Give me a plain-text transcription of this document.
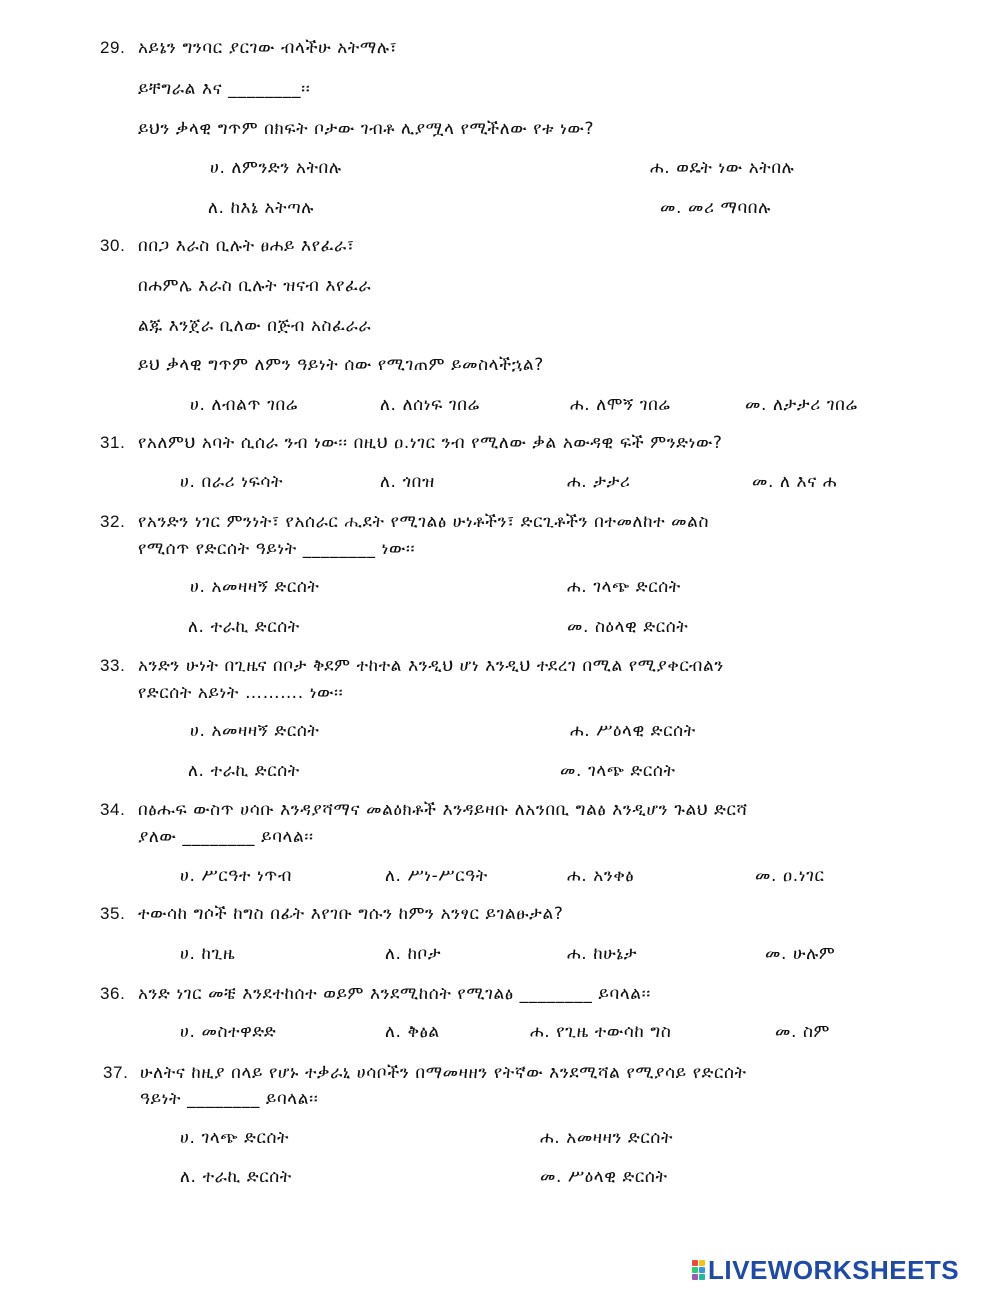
29. አይኔን ግንባር ያርገው ብላችሁ አትማሉ፣
ይቸግራል እና ________፡፡
ይህን ቃላዊ ግጥም በክፍት ቦታው ገብቶ ሊያሟላ የሚችለው የቱ ነው?
ሀ. ለምንድን አትበሉ	ሐ. ወዴት ነው አትበሉ
ለ. ከእኔ አትጣሉ	መ. መሪ ማባበሉ
30. በበጋ እራስ ቢሉት ፀሐይ እየፈራ፣
በሐምሌ እራስ ቢሉት ዝናብ እየፈራ
ልጁ እንጀራ ቢለው በጅብ አስፈራራ
ይህ ቃላዊ ግጥም ለምን ዓይነት ሰው የሚገጠም ይመስላችኋል?
ሀ. ለብልጥ ገበሬ	ለ. ለሰነፍ ገበሬ	ሐ. ለሞኝ ገበሬ	መ. ለታታሪ ገበሬ
31. የአለምህ አባት ሲሰራ ንብ ነው፡፡ በዚህ ዐ.ነገር ንብ የሚለው ቃል አውዳዊ ፍች ምንድነው?
ሀ. በራሪ ነፍሳት	ለ. ጎበዝ	ሐ. ታታሪ	መ. ለ እና ሐ
32. የአንድን ነገር ምንነት፣ የአሰራር ሒደት የሚገልፅ ሁነቶችን፣ ድርጊቶችን በተመለከተ መልስ
የሚሰጥ የድርሰት ዓይነት ________ ነው፡፡
ሀ. አመዛዛኝ ድርሰት	ሐ. ገላጭ ድርሰት
ለ. ተራኪ ድርሰት	መ. ስዕላዊ ድርሰት
33. አንድን ሁነት በጊዜና በቦታ ቅደም ተከተል እንዲህ ሆነ እንዲህ ተደረገ በሚል የሚያቀርብልን
የድርሰት አይነት ………. ነው፡፡
ሀ. አመዛዛኝ ድርሰት	ሐ. ሥዕላዊ ድርሰት
ለ. ተራኪ ድርሰት	መ. ገላጭ ድርሰት
34. በፅሑፍ ውስጥ ሀሳቡ እንዳያሻማና መልዕክቶች እንዳይዛቡ ለአንበቢ ግልፅ እንዲሆን ጉልህ ድርሻ
ያለው ________ ይባላል፡፡
ሀ. ሥርዓተ ነጥብ	ለ. ሥነ-ሥርዓት	ሐ. አንቀፅ	መ. ዐ.ነገር
35. ተውሳከ ግሶች ከግስ በፊት እየገቡ ግሱን ከምን አንፃር ይገልፁታል?
ሀ. ከጊዜ	ለ. ከቦታ	ሐ. ከሁኔታ	መ. ሁሉም
36. አንድ ነገር መቼ እንደተከሰተ ወይም እንደሚከሰት የሚገልፅ ________ ይባላል፡፡
ሀ. መስተዋድድ	ለ. ቅፅል	ሐ. የጊዜ ተውሳከ ግስ	መ. ስም
37. ሁለትና ከዚያ በላይ የሆኑ ተቃራኒ ሀሳቦችን በማመዛዘን የትኛው እንደሚሻል የሚያሳይ የድርሰት
ዓይነት ________ ይባላል፡፡
ሀ. ገላጭ ድርሰት	ሐ. አመዛዛን ድርሰት
ለ. ተራኪ ድርሰት	መ. ሥዕላዊ ድርሰት
LIVEWORKSHEETS
